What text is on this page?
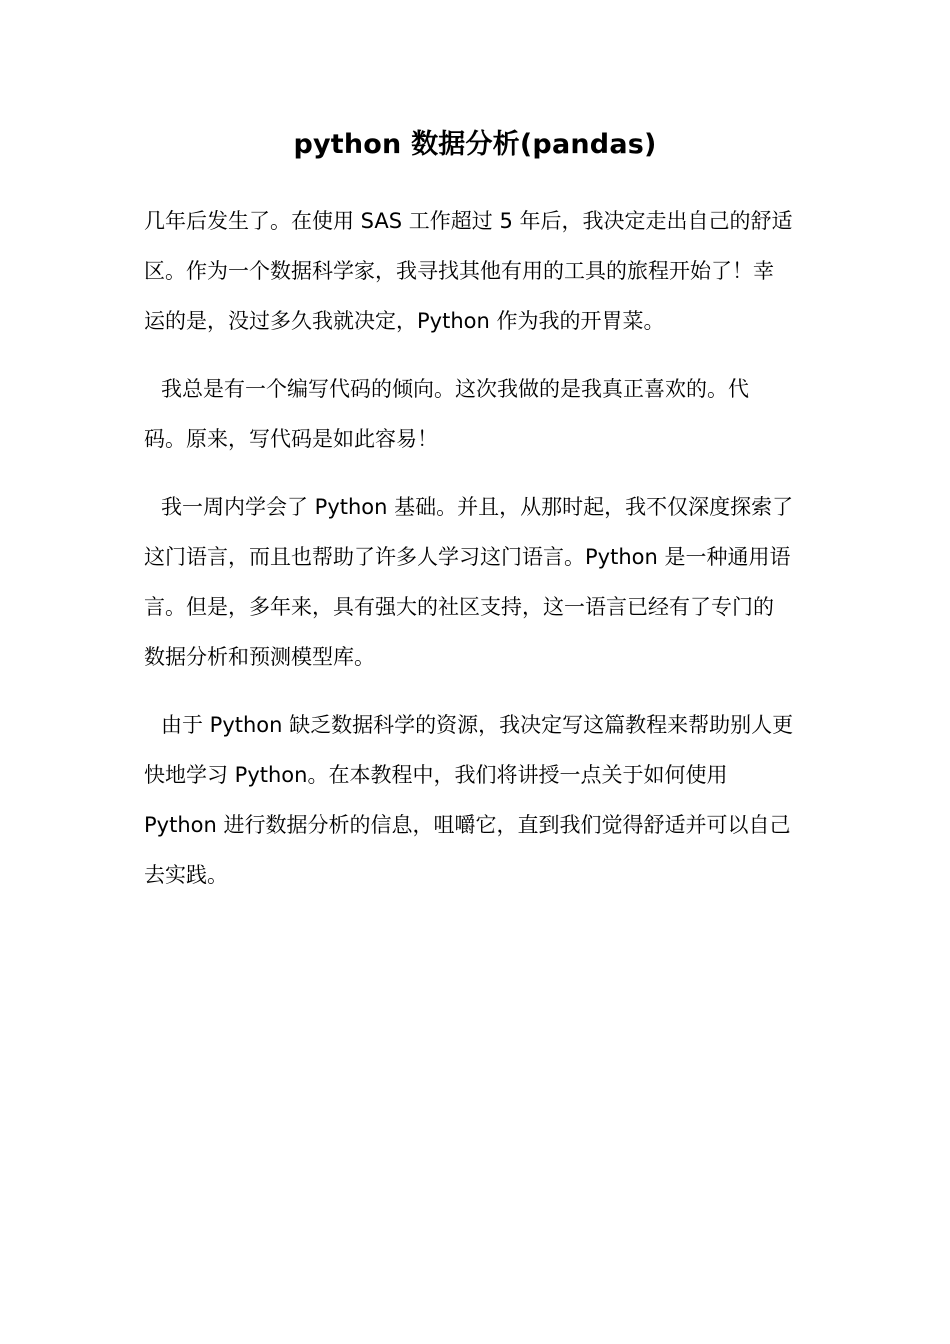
python 数据分析(pandas)

几年后发生了。在使用 SAS 工作超过 5 年后，我决定走出自己的舒适
区。作为一个数据科学家，我寻找其他有用的工具的旅程开始了！幸
运的是，没过多久我就决定，Python 作为我的开胃菜。

我总是有一个编写代码的倾向。这次我做的是我真正喜欢的。代
码。原来，写代码是如此容易！

我一周内学会了 Python 基础。并且，从那时起，我不仅深度探索了
这门语言，而且也帮助了许多人学习这门语言。Python 是一种通用语
言。但是，多年来，具有强大的社区支持，这一语言已经有了专门的
数据分析和预测模型库。

由于 Python 缺乏数据科学的资源，我决定写这篇教程来帮助别人更
快地学习 Python。在本教程中，我们将讲授一点关于如何使用
Python 进行数据分析的信息，咀嚼它，直到我们觉得舒适并可以自己
去实践。
